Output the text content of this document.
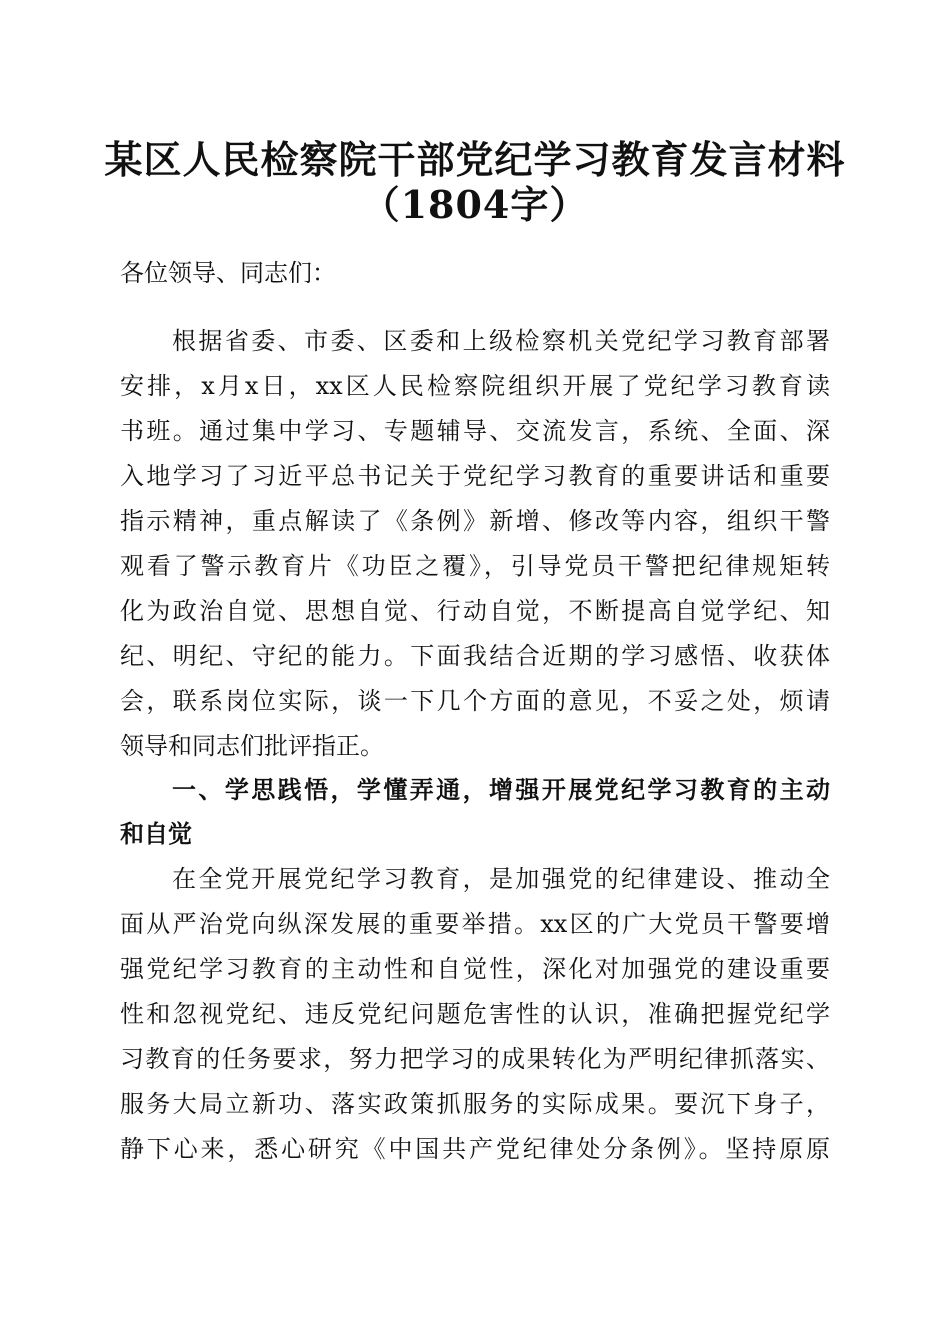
某区人民检察院干部党纪学习教育发言材料
（1804字）
各位领导、同志们：
根据省委、市委、区委和上级检察机关党纪学习教育部署
安排，x月x日，xx区人民检察院组织开展了党纪学习教育读
书班。通过集中学习、专题辅导、交流发言，系统、全面、深
入地学习了习近平总书记关于党纪学习教育的重要讲话和重要
指示精神，重点解读了《条例》新增、修改等内容，组织干警
观看了警示教育片《功臣之覆》，引导党员干警把纪律规矩转
化为政治自觉、思想自觉、行动自觉，不断提高自觉学纪、知
纪、明纪、守纪的能力。下面我结合近期的学习感悟、收获体
会，联系岗位实际，谈一下几个方面的意见，不妥之处，烦请
领导和同志们批评指正。
一、学思践悟，学懂弄通，增强开展党纪学习教育的主动
和自觉
在全党开展党纪学习教育，是加强党的纪律建设、推动全
面从严治党向纵深发展的重要举措。xx区的广大党员干警要增
强党纪学习教育的主动性和自觉性，深化对加强党的建设重要
性和忽视党纪、违反党纪问题危害性的认识，准确把握党纪学
习教育的任务要求，努力把学习的成果转化为严明纪律抓落实、
服务大局立新功、落实政策抓服务的实际成果。要沉下身子，
静下心来，悉心研究《中国共产党纪律处分条例》。坚持原原
